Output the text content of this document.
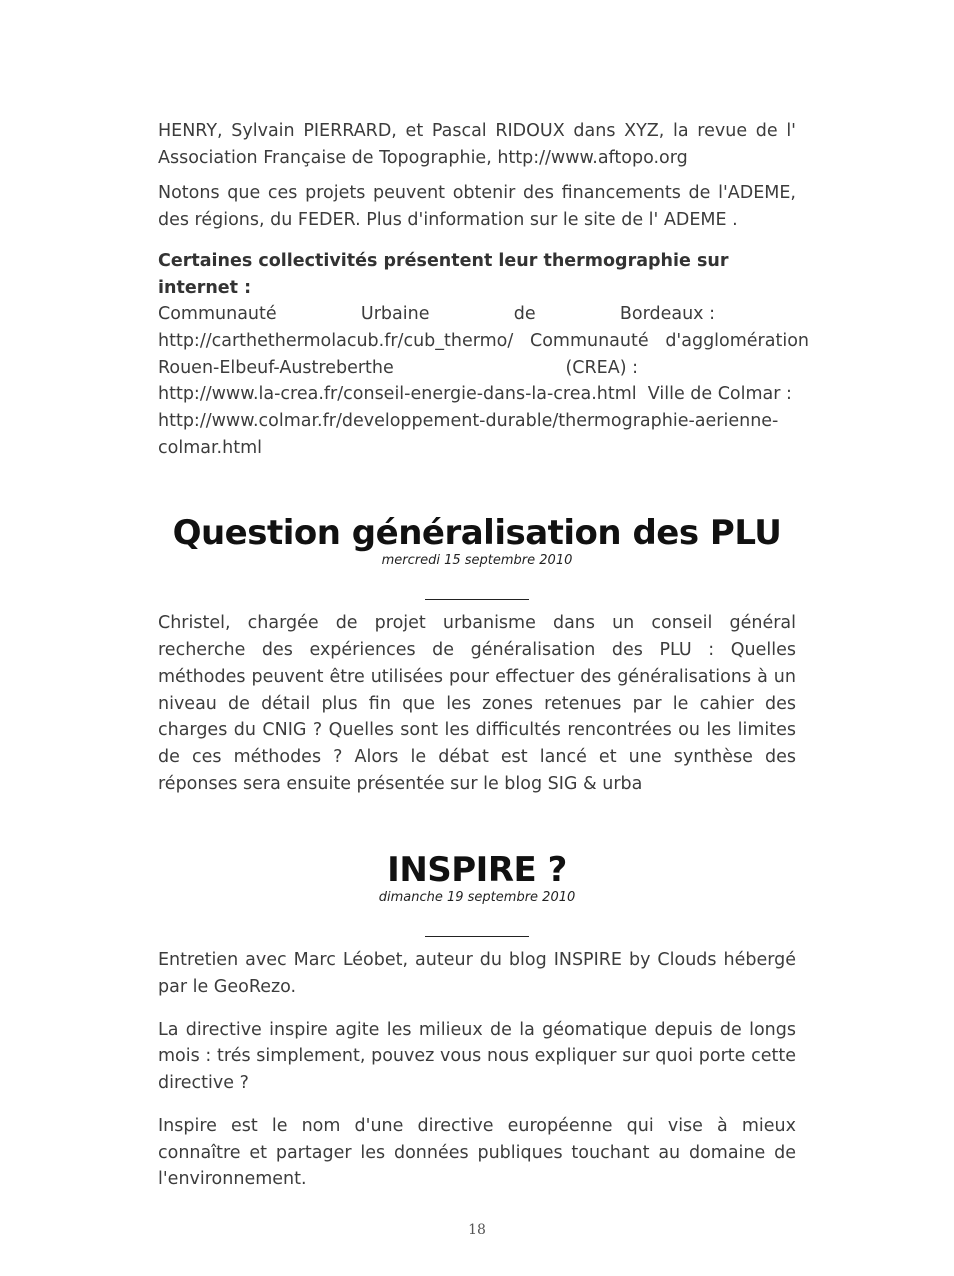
HENRY, Sylvain PIERRARD, et Pascal RIDOUX dans XYZ, la revue de l' Association Française de Topographie, http://www.aftopo.org

Notons que ces projets peuvent obtenir des financements de l'ADEME, des régions, du FEDER. Plus d'information sur le site de l' ADEME .

Certaines collectivités présentent leur thermographie sur internet :

Communauté	Urbaine	de	Bordeaux :
http://carthethermolacub.fr/cub_thermo/ Communauté d'agglomération
Rouen-Elbeuf-Austreberthe	(CREA) :

http://www.la-crea.fr/conseil-energie-dans-la-crea.html  Ville de Colmar :

http://www.colmar.fr/developpement-durable/thermographie-aerienne-

colmar.html

Question généralisation des PLU
mercredi 15 septembre 2010

Christel, chargée de projet urbanisme dans un conseil général recherche des expériences de généralisation des PLU : Quelles méthodes peuvent être utilisées pour effectuer des généralisations à un niveau de détail plus fin que les zones retenues par le cahier des charges du CNIG ? Quelles sont les difficultés rencontrées ou les limites de ces méthodes ? Alors le débat est lancé et une synthèse des réponses sera ensuite présentée sur le blog SIG & urba

INSPIRE ?
dimanche 19 septembre 2010

Entretien avec Marc Léobet, auteur du blog INSPIRE by Clouds hébergé par le GeoRezo.

La directive inspire agite les milieux de la géomatique depuis de longs mois : trés simplement, pouvez vous nous expliquer sur quoi porte cette directive ?

Inspire est le nom d'une directive européenne qui vise à mieux connaître et partager les données publiques touchant au domaine de l'environnement.

18
